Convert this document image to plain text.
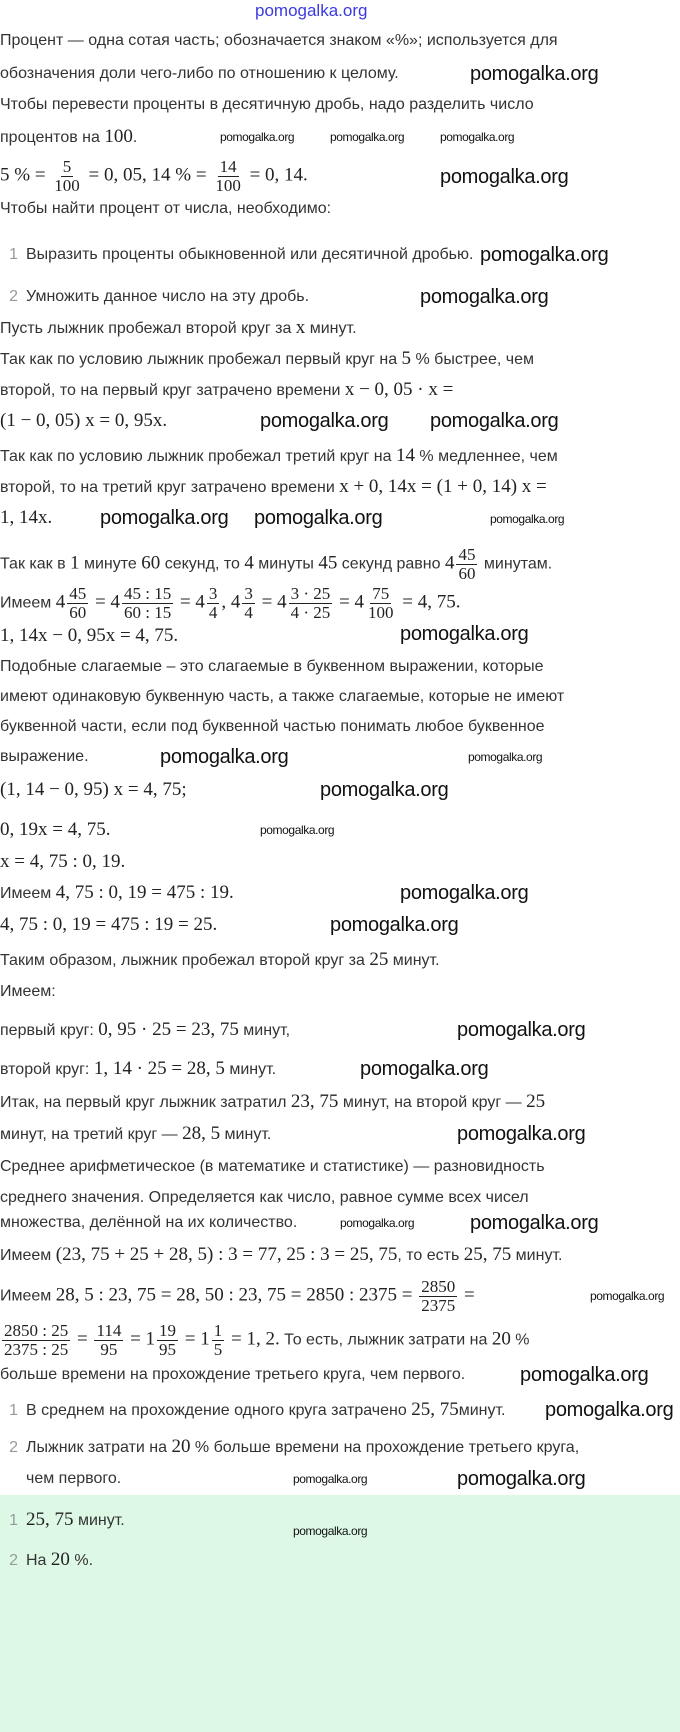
Процент — одна сотая часть; обозначается знаком «%»; используется для
обозначения доли чего-либо по отношению к целому.
Чтобы перевести проценты в десятичную дробь, надо разделить число
процентов на 100.
5 % = $\frac{5}{100} = 0$, 05, 14 % = $\frac{14}{100} = 0$, 14.
Чтобы найти процент от числа, необходимо:
1 Выразить проценты обыкновенной или десятичной дробью.
2 Умножить данное число на эту дробь.
Пусть лыжник пробежал второй круг за x минут.
Так как по условию лыжник пробежал первый круг на 5 % быстрее, чем
второй, то на первый круг затрачено времени x − 0, 05 · x =
(1 − 0, 05) x = 0, 95x.
Так как по условию лыжник пробежал третий круг на 14 % медленнее, чем
второй, то на третий круг затрачено времени x + 0, 14x = (1 + 0, 14) x =
1, 14x.
Так как в 1 минуте 60 секунд, то 4 минуты 45 секунд равно $4 \frac{45}{60}$ минутам.
Имеем $4 \frac{45}{60} = 4 \frac{45 : 15}{60 : 15} = 4 \frac{3}{4}$ , $4 \frac{3}{4} = 4 \frac{3 \cdot 25}{4 \cdot 25} = 4 \frac{75}{100} = 4$, 75.
1, 14x − 0, 95x = 4, 75.
Подобные слагаемые – это слагаемые в буквенном выражении, которые
имеют одинаковую буквенную часть, а также слагаемые, которые не имеют
буквенной части, если под буквенной частью понимать любое буквенное
выражение.
(1, 14 − 0, 95) x = 4, 75;
0, 19x = 4, 75.
x = 4, 75 : 0, 19.
Имеем 4, 75 : 0, 19 = 475 : 19.
4, 75 : 0, 19 = 475 : 19 = 25.
Таким образом, лыжник пробежал второй круг за 25 минут.
Имеем:
первый круг: 0, 95 · 25 = 23, 75 минут,
второй круг: 1, 14 · 25 = 28, 5 минут.
Итак, на первый круг лыжник затратил 23, 75 минут, на второй круг — 25
минут, на третий круг — 28, 5 минут.
Среднее арифметическое (в математике и статистике) — разновидность
среднего значения. Определяется как число, равное сумме всех чисел
множества, делённой на их количество.
Имеем (23, 75 + 25 + 28, 5) : 3 = 77, 25 : 3 = 25, 75, то есть 25, 75 минут.
Имеем 28, 5 : 23, 75 = 28, 50 : 23, 75 = 2850 : $2375 = \frac{2850}{2375}$ =
$\frac{2850 : 25}{2375 : 25} = \frac{114}{95} = 1 \frac{19}{95} = 1 \frac{1}{5} = 1$, 2. То есть, лыжник затрати на 20 %
больше времени на прохождение третьего круга, чем первого.
1 В среднем на прохождение одного круга затрачено 25, 75минут.
2 Лыжник затрати на 20 % больше времени на прохождение третьего круга,
чем первого.
1 25, 75 минут.
2 На 20 %.
pomogalka.org
pomogalka.org	pomogalka.org
pomogalka.org
pomogalka.org
pomogalka.org
pomogalka.org
pomogalka.org
pomogalka.org pomogalka.org
pomogalka.org
pomogalka.org	pomogalka.org
pomogalka.org
pomogalka.org	pomogalka.org
pomogalka.org
pomogalka.org
pomogalka.org
pomogalka.org
pomogalka.org
pomogalka.org
pomogalka.org
pomogalka.org	pomogalka.org
pomogalka.org
pomogalka.org
pomogalka.org
pomogalka.org	pomogalka.org
pomogalka.org
